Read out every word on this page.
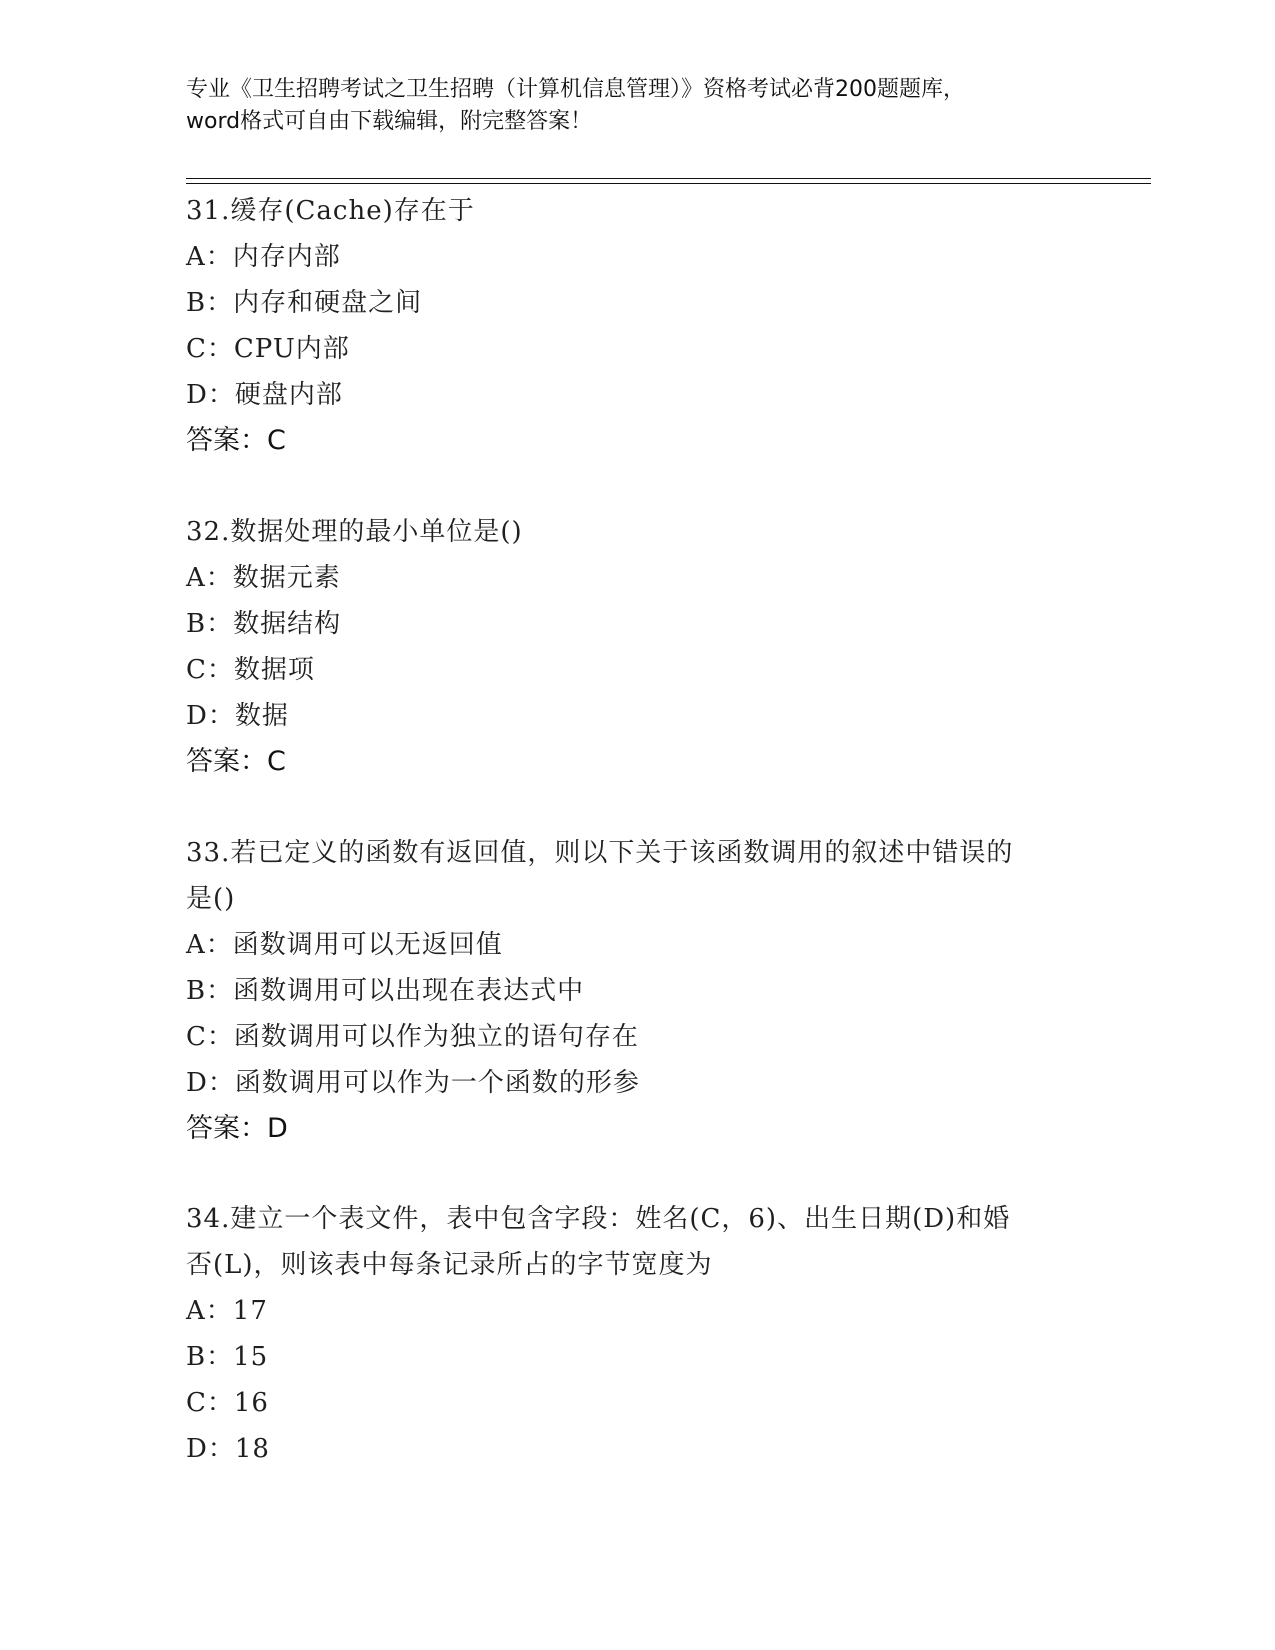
专业《卫生招聘考试之卫生招聘（计算机信息管理）》资格考试必背200题题库，
word格式可自由下载编辑，附完整答案！
31.缓存(Cache)存在于
A：内存内部
B：内存和硬盘之间
C：CPU内部
D：硬盘内部
答案：C
32.数据处理的最小单位是()
A：数据元素
B：数据结构
C：数据项
D：数据
答案：C
33.若已定义的函数有返回值，则以下关于该函数调用的叙述中错误的
是()
A：函数调用可以无返回值
B：函数调用可以出现在表达式中
C：函数调用可以作为独立的语句存在
D：函数调用可以作为一个函数的形参
答案：D
34.建立一个表文件，表中包含字段：姓名(C，6)、出生日期(D)和婚
否(L)，则该表中每条记录所占的字节宽度为
A：17
B：15
C：16
D：18
